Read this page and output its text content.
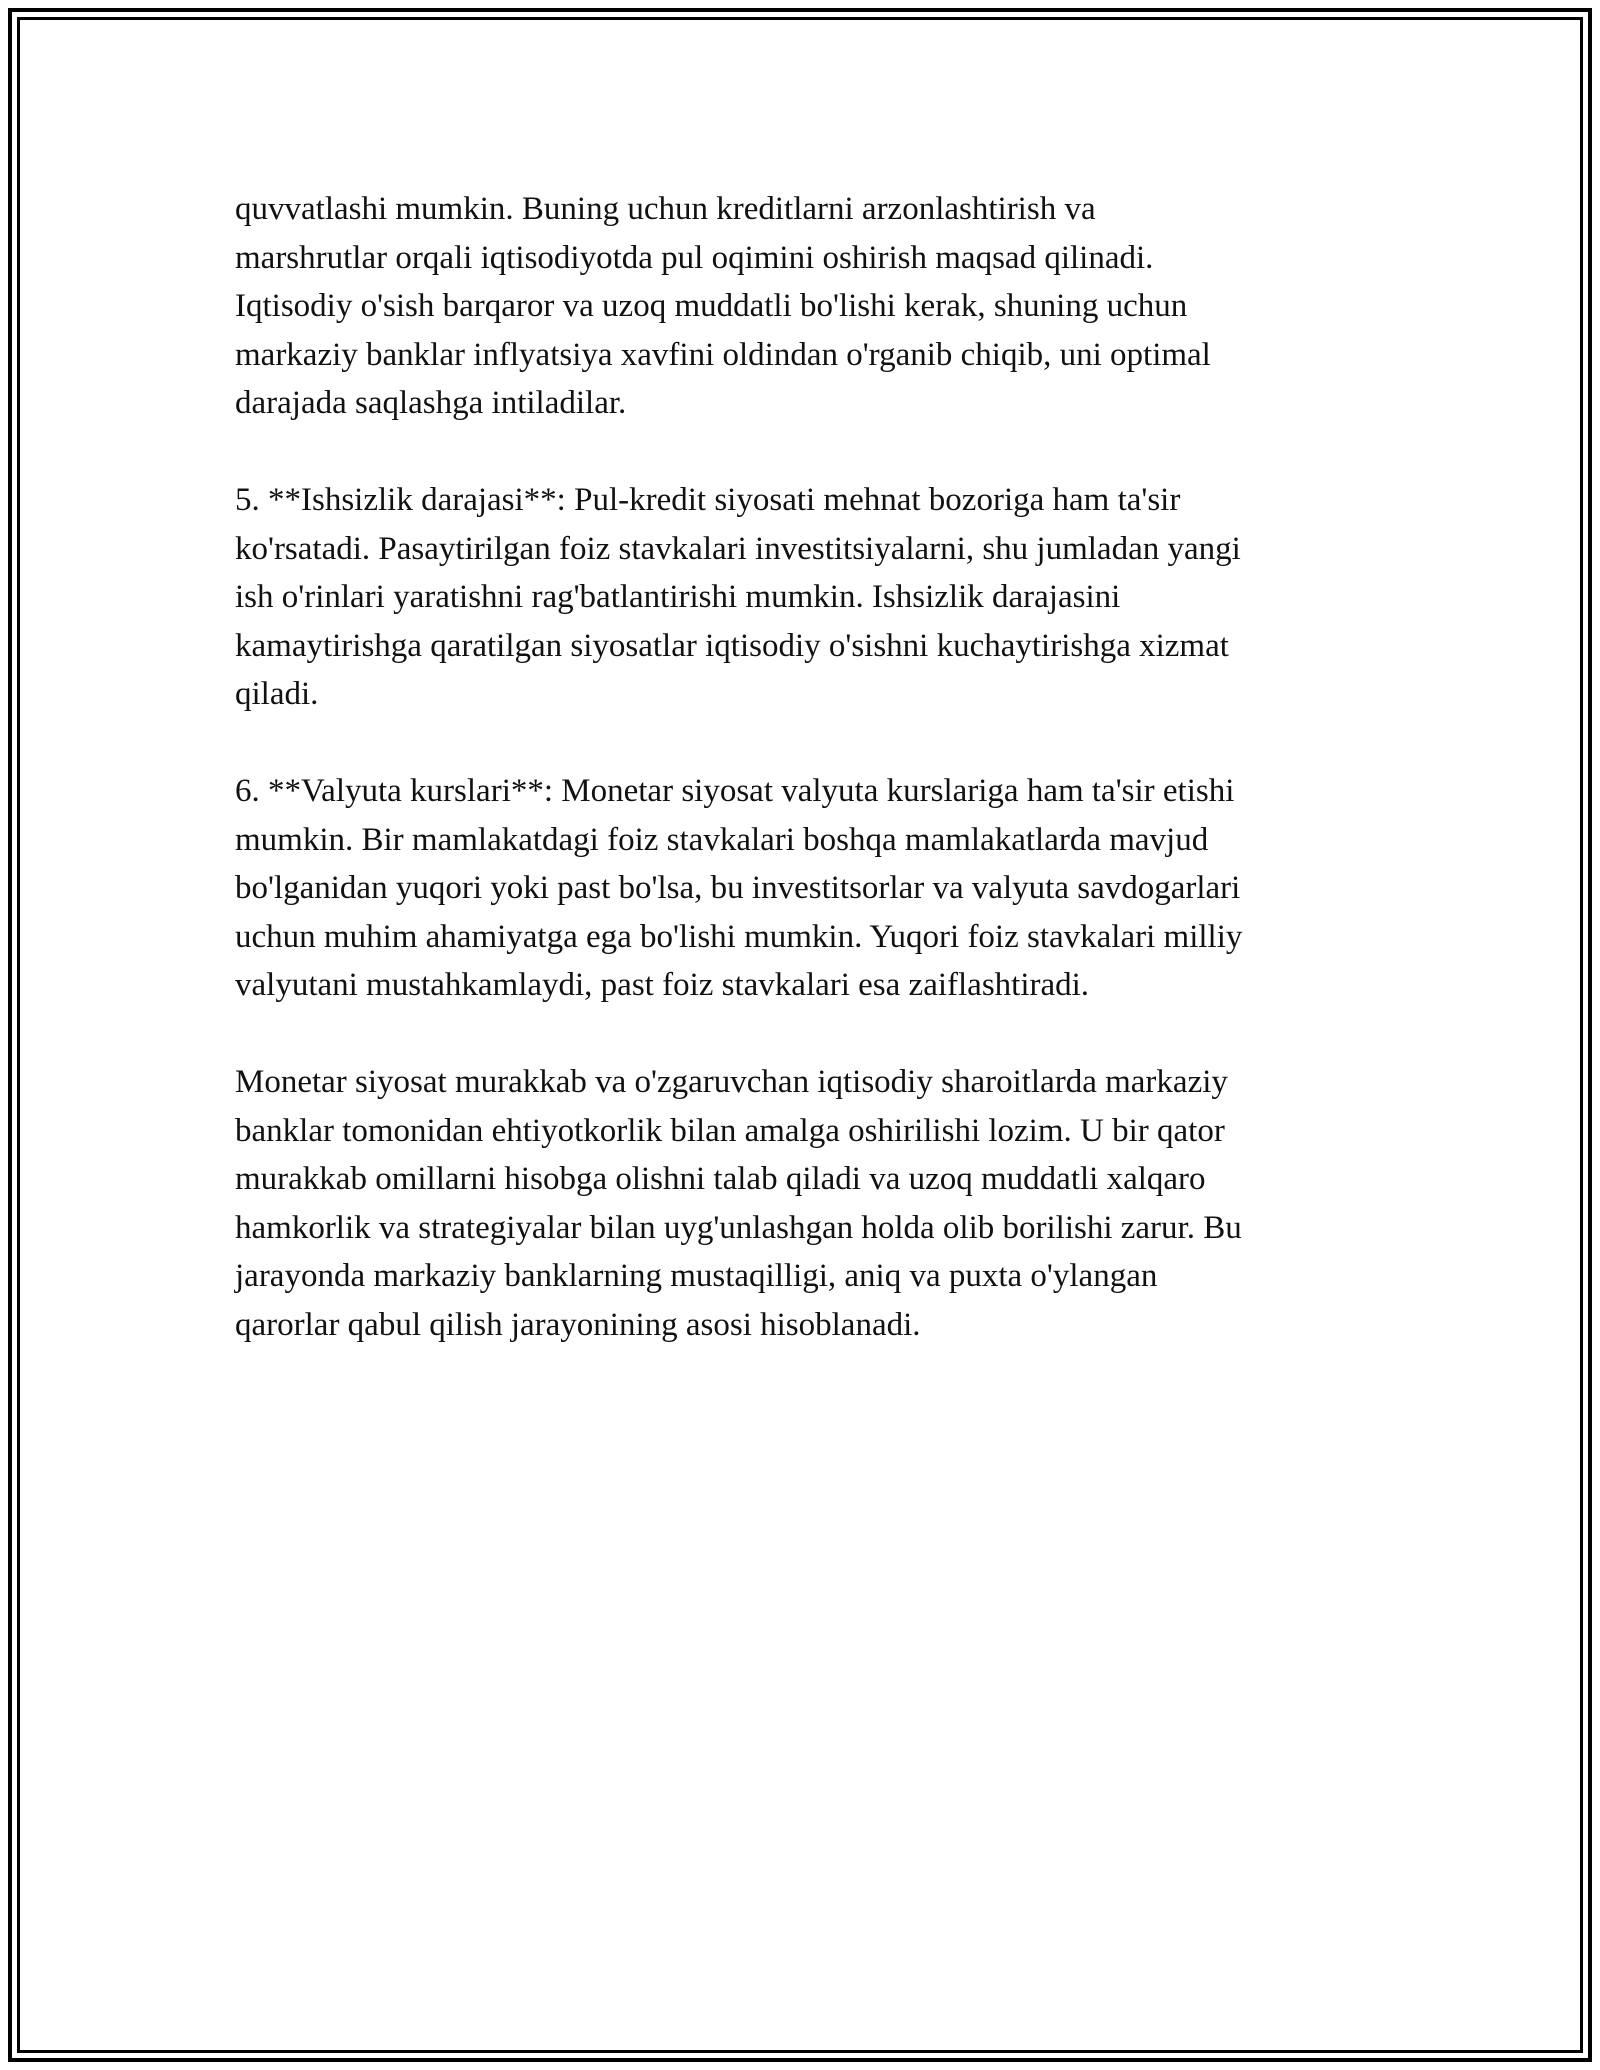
quvvatlashi mumkin. Buning uchun kreditlarni arzonlashtirish va
marshrutlar orqali iqtisodiyotda pul oqimini oshirish maqsad qilinadi.
Iqtisodiy o'sish barqaror va uzoq muddatli bo'lishi kerak, shuning uchun
markaziy banklar inflyatsiya xavfini oldindan o'rganib chiqib, uni optimal
darajada saqlashga intiladilar.

5. **Ishsizlik darajasi**: Pul-kredit siyosati mehnat bozoriga ham ta'sir
ko'rsatadi. Pasaytirilgan foiz stavkalari investitsiyalarni, shu jumladan yangi
ish o'rinlari yaratishni rag'batlantirishi mumkin. Ishsizlik darajasini
kamaytirishga qaratilgan siyosatlar iqtisodiy o'sishni kuchaytirishga xizmat
qiladi.

6. **Valyuta kurslari**: Monetar siyosat valyuta kurslariga ham ta'sir etishi
mumkin. Bir mamlakatdagi foiz stavkalari boshqa mamlakatlarda mavjud
bo'lganidan yuqori yoki past bo'lsa, bu investitsorlar va valyuta savdogarlari
uchun muhim ahamiyatga ega bo'lishi mumkin. Yuqori foiz stavkalari milliy
valyutani mustahkamlaydi, past foiz stavkalari esa zaiflashtiradi.

Monetar siyosat murakkab va o'zgaruvchan iqtisodiy sharoitlarda markaziy
banklar tomonidan ehtiyotkorlik bilan amalga oshirilishi lozim. U bir qator
murakkab omillarni hisobga olishni talab qiladi va uzoq muddatli xalqaro
hamkorlik va strategiyalar bilan uyg'unlashgan holda olib borilishi zarur. Bu
jarayonda markaziy banklarning mustaqilligi, aniq va puxta o'ylangan
qarorlar qabul qilish jarayonining asosi hisoblanadi.
